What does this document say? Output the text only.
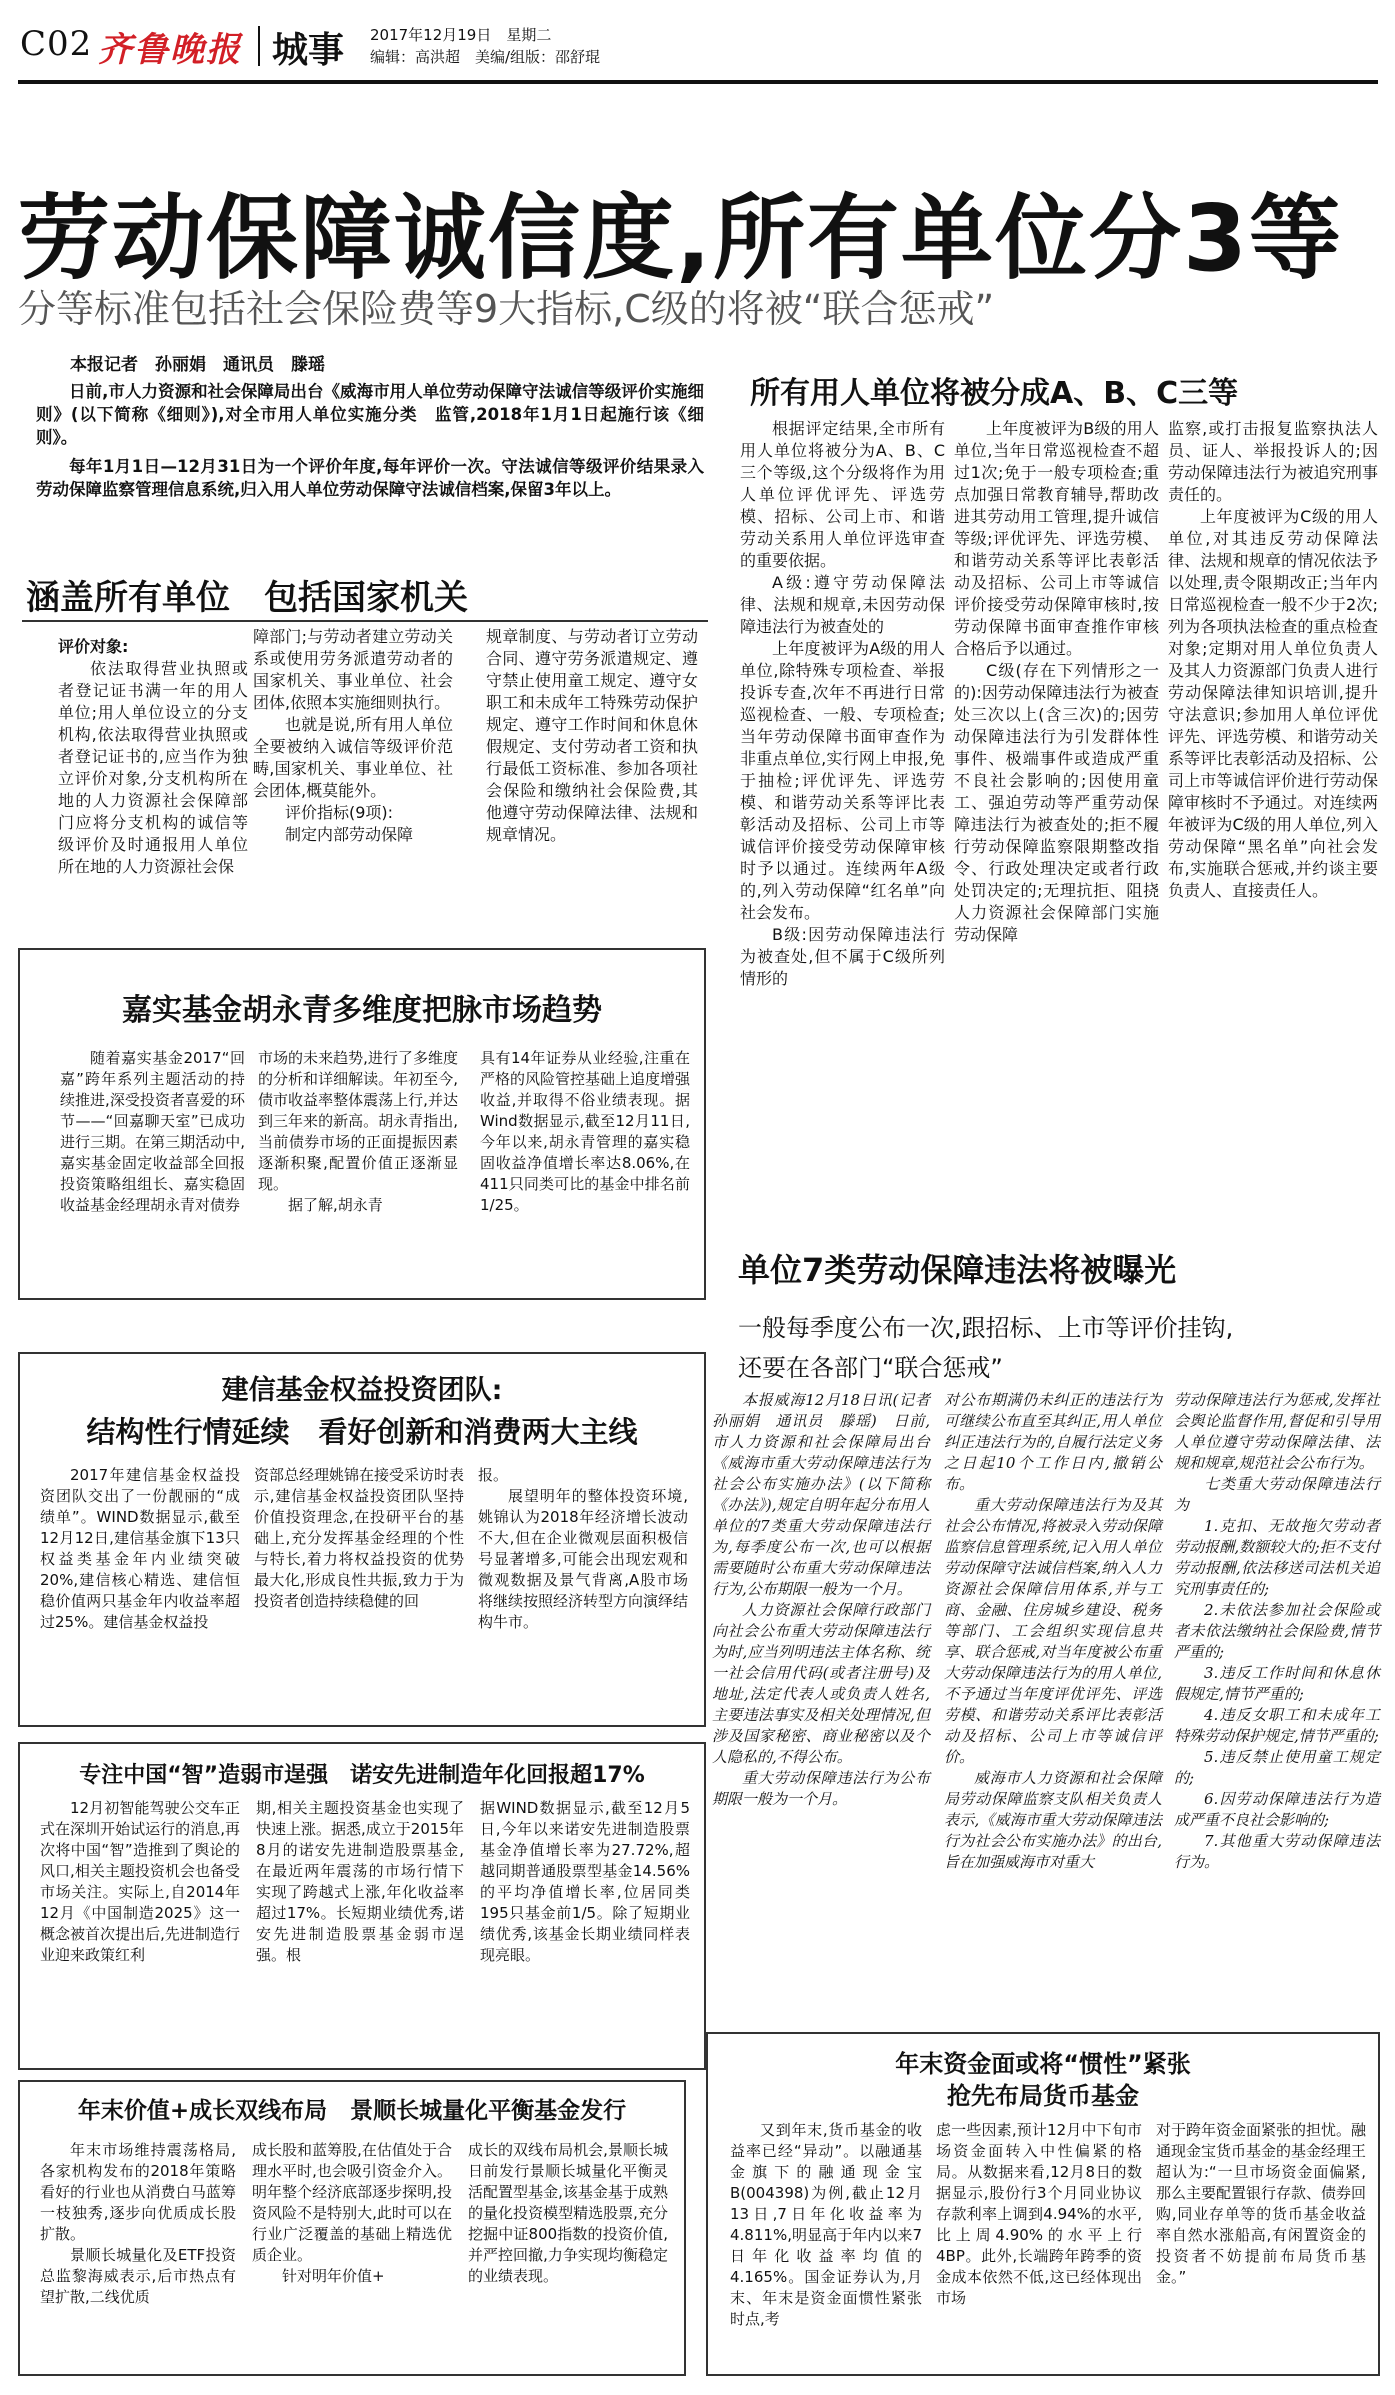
C02 齐鲁晚报 城事 2017年12月19日　星期二
编辑：高洪超　美编/组版：邵舒琨
劳动保障诚信度,所有单位分3等
分等标准包括社会保险费等9大指标,C级的将被“联合惩戒”
本报记者　孙丽娟　通讯员　滕瑶

日前,市人力资源和社会保障局出台《威海市用人单位劳动保障守法诚信等级评价实施细则》(以下简称《细则》),对全市用人单位实施分类　监管,2018年1月1日起施行该《细则》。

每年1月1日—12月31日为一个评价年度,每年评价一次。守法诚信等级评价结果录入劳动保障监察管理信息系统,归入用人单位劳动保障守法诚信档案,保留3年以上。

涵盖所有单位　包括国家机关

评价对象:

依法取得营业执照或者登记证书满一年的用人单位;用人单位设立的分支机构,依法取得营业执照或者登记证书的,应当作为独立评价对象,分支机构所在地的人力资源社会保障部门应将分支机构的诚信等级评价及时通报用人单位所在地的人力资源社会保

障部门;与劳动者建立劳动关系或使用劳务派遣劳动者的国家机关、事业单位、社会团体,依照本实施细则执行。

也就是说,所有用人单位全要被纳入诚信等级评价范畴,国家机关、事业单位、社会团体,概莫能外。

评价指标(9项):

制定内部劳动保障

规章制度、与劳动者订立劳动合同、遵守劳务派遣规定、遵守禁止使用童工规定、遵守女职工和未成年工特殊劳动保护规定、遵守工作时间和休息休假规定、支付劳动者工资和执行最低工资标准、参加各项社会保险和缴纳社会保险费,其他遵守劳动保障法律、法规和规章情况。

所有用人单位将被分成A、B、C三等

根据评定结果,全市所有用人单位将被分为A、B、C三个等级,这个分级将作为用人单位评优评先、评选劳模、招标、公司上市、和谐劳动关系用人单位评选审查的重要依据。

A级:遵守劳动保障法律、法规和规章,未因劳动保障违法行为被查处的

上年度被评为A级的用人单位,除特殊专项检查、举报投诉专查,次年不再进行日常巡视检查、一般、专项检查;当年劳动保障书面审查作为非重点单位,实行网上申报,免于抽检;评优评先、评选劳模、和谐劳动关系等评比表彰活动及招标、公司上市等诚信评价接受劳动保障审核时予以通过。连续两年A级的,列入劳动保障“红名单”向社会发布。

B级:因劳动保障违法行为被查处,但不属于C级所列情形的

上年度被评为B级的用人单位,当年日常巡视检查不超过1次;免于一般专项检查;重点加强日常教育辅导,帮助改进其劳动用工管理,提升诚信等级;评优评先、评选劳模、和谐劳动关系等评比表彰活动及招标、公司上市等诚信评价接受劳动保障审核时,按劳动保障书面审查推作审核合格后予以通过。

C级(存在下列情形之一的):因劳动保障违法行为被查处三次以上(含三次)的;因劳动保障违法行为引发群体性事件、极端事件或造成严重不良社会影响的;因使用童工、强迫劳动等严重劳动保障违法行为被查处的;拒不履行劳动保障监察限期整改指令、行政处理决定或者行政处罚决定的;无理抗拒、阻挠人力资源社会保障部门实施劳动保障

监察,或打击报复监察执法人员、证人、举报投诉人的;因劳动保障违法行为被追究刑事责任的。

上年度被评为C级的用人单位,对其违反劳动保障法律、法规和规章的情况依法予以处理,责令限期改正;当年内日常巡视检查一般不少于2次;列为各项执法检查的重点检查对象;定期对用人单位负责人及其人力资源部门负责人进行劳动保障法律知识培训,提升守法意识;参加用人单位评优评先、评选劳模、和谐劳动关系等评比表彰活动及招标、公司上市等诚信评价进行劳动保障审核时不予通过。对连续两年被评为C级的用人单位,列入劳动保障“黑名单”向社会发布,实施联合惩戒,并约谈主要负责人、直接责任人。

单位7类劳动保障违法将被曝光
一般每季度公布一次,跟招标、上市等评价挂钩,
还要在各部门“联合惩戒”

本报威海12月18日讯(记者　孙丽娟　通讯员　滕瑶)　日前,市人力资源和社会保障局出台《威海市重大劳动保障违法行为社会公布实施办法》(以下简称《办法》),规定自明年起分布用人单位的7类重大劳动保障违法行为,每季度公布一次,也可以根据需要随时公布重大劳动保障违法行为,公布期限一般为一个月。

人力资源社会保障行政部门向社会公布重大劳动保障违法行为时,应当列明违法主体名称、统一社会信用代码(或者注册号)及地址,法定代表人或负责人姓名,主要违法事实及相关处理情况,但涉及国家秘密、商业秘密以及个人隐私的,不得公布。

重大劳动保障违法行为公布期限一般为一个月。

对公布期满仍未纠正的违法行为可继续公布直至其纠正,用人单位纠正违法行为的,自履行法定义务之日起10个工作日内,撤销公布。

重大劳动保障违法行为及其社会公布情况,将被录入劳动保障监察信息管理系统,记入用人单位劳动保障守法诚信档案,纳入人力资源社会保障信用体系,并与工商、金融、住房城乡建设、税务等部门、工会组织实现信息共享、联合惩戒,对当年度被公布重大劳动保障违法行为的用人单位,不予通过当年度评优评先、评选劳模、和谐劳动关系评比表彰活动及招标、公司上市等诚信评价。

威海市人力资源和社会保障局劳动保障监察支队相关负责人表示,《威海市重大劳动保障违法行为社会公布实施办法》的出台,旨在加强威海市对重大

劳动保障违法行为惩戒,发挥社会舆论监督作用,督促和引导用人单位遵守劳动保障法律、法规和规章,规范社会公布行为。

七类重大劳动保障违法行为

1.克扣、无故拖欠劳动者劳动报酬,数额较大的;拒不支付劳动报酬,依法移送司法机关追究刑事责任的;

2.未依法参加社会保险或者未依法缴纳社会保险费,情节严重的;

3.违反工作时间和休息休假规定,情节严重的;

4.违反女职工和未成年工特殊劳动保护规定,情节严重的;

5.违反禁止使用童工规定的;

6.因劳动保障违法行为造成严重不良社会影响的;

7.其他重大劳动保障违法行为。

嘉实基金胡永青多维度把脉市场趋势

随着嘉实基金2017“回嘉”跨年系列主题活动的持续推进,深受投资者喜爱的环节——“回嘉聊天室”已成功进行三期。在第三期活动中,嘉实基金固定收益部全回报投资策略组组长、嘉实稳固收益基金经理胡永青对债券

市场的未来趋势,进行了多维度的分析和详细解读。年初至今,债市收益率整体震荡上行,并达到三年来的新高。胡永青指出,当前债券市场的正面提振因素逐渐积聚,配置价值正逐渐显现。

据了解,胡永青

具有14年证券从业经验,注重在严格的风险管控基础上追度增强收益,并取得不俗业绩表现。据Wind数据显示,截至12月11日,今年以来,胡永青管理的嘉实稳固收益净值增长率达8.06%,在411只同类可比的基金中排名前1/25。

建信基金权益投资团队:
结构性行情延续　看好创新和消费两大主线

2017年建信基金权益投资团队交出了一份靓丽的“成绩单”。WIND数据显示,截至12月12日,建信基金旗下13只权益类基金年内业绩突破20%,建信核心精选、建信恒稳价值两只基金年内收益率超过25%。建信基金权益投

资部总经理姚锦在接受采访时表示,建信基金权益投资团队坚持价值投资理念,在投研平台的基础上,充分发挥基金经理的个性与特长,着力将权益投资的优势最大化,形成良性共振,致力于为投资者创造持续稳健的回

报。

展望明年的整体投资环境,姚锦认为2018年经济增长波动不大,但在企业微观层面积极信号显著增多,可能会出现宏观和微观数据及景气背离,A股市场将继续按照经济转型方向演绎结构牛市。

专注中国“智”造弱市逞强　诺安先进制造年化回报超17%

12月初智能驾驶公交车正式在深圳开始试运行的消息,再次将中国“智”造推到了舆论的风口,相关主题投资机会也备受市场关注。实际上,自2014年12月《中国制造2025》这一概念被首次提出后,先进制造行业迎来政策红利

期,相关主题投资基金也实现了快速上涨。据悉,成立于2015年8月的诺安先进制造股票基金,在最近两年震荡的市场行情下实现了跨越式上涨,年化收益率超过17%。长短期业绩优秀,诺安先进制造股票基金弱市逞强。根

据WIND数据显示,截至12月5日,今年以来诺安先进制造股票基金净值增长率为27.72%,超越同期普通股票型基金14.56%的平均净值增长率,位居同类195只基金前1/5。除了短期业绩优秀,该基金长期业绩同样表现亮眼。

年末价值+成长双线布局　景顺长城量化平衡基金发行

年末市场维持震荡格局,各家机构发布的2018年策略看好的行业也从消费白马蓝筹一枝独秀,逐步向优质成长股扩散。

景顺长城量化及ETF投资总监黎海威表示,后市热点有望扩散,二线优质

成长股和蓝筹股,在估值处于合理水平时,也会吸引资金介入。明年整个经济底部逐步探明,投资风险不是特别大,此时可以在行业广泛覆盖的基础上精选优质企业。

针对明年价值+

成长的双线布局机会,景顺长城日前发行景顺长城量化平衡灵活配置型基金,该基金基于成熟的量化投资模型精选股票,充分挖掘中证800指数的投资价值,并严控回撤,力争实现均衡稳定的业绩表现。

年末资金面或将“惯性”紧张
抢先布局货币基金

又到年末,货币基金的收益率已经“异动”。以融通基金旗下的融通现金宝B(004398)为例,截止12月13日,7日年化收益率为4.811%,明显高于年内以来7日年化收益率均值的4.165%。国金证券认为,月末、年末是资金面惯性紧张时点,考

虑一些因素,预计12月中下旬市场资金面转入中性偏紧的格局。从数据来看,12月8日的数据显示,股份行3个月同业协议存款利率上调到4.94%的水平,比上周4.90%的水平上行4BP。此外,长端跨年跨季的资金成本依然不低,这已经体现出市场

对于跨年资金面紧张的担忧。融通现金宝货币基金的基金经理王超认为:“一旦市场资金面偏紧,那么主要配置银行存款、债券回购,同业存单等的货币基金收益率自然水涨船高,有闲置资金的投资者不妨提前布局货币基金。”
